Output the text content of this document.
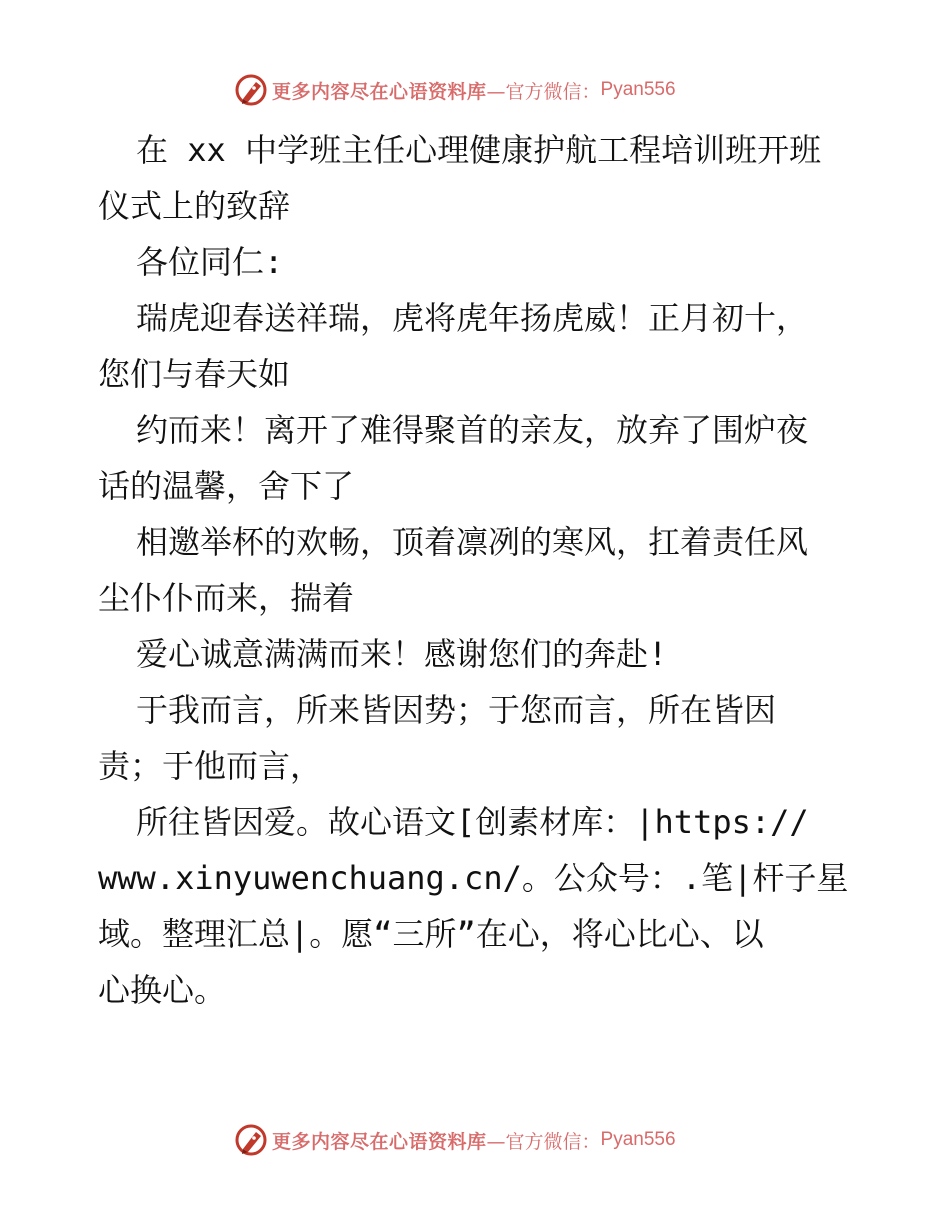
更多内容尽在心语资料库 —官方微信： Pyan556
在 xx 中学班主任心理健康护航工程培训班开班
仪式上的致辞
各位同仁:
瑞虎迎春送祥瑞，虎将虎年扬虎威！正月初十，
您们与春天如
约而来！离开了难得聚首的亲友，放弃了围炉夜
话的温馨，舍下了
相邀举杯的欢畅，顶着凛冽的寒风，扛着责任风
尘仆仆而来，揣着
爱心诚意满满而来！感谢您们的奔赴!
于我而言，所来皆因势；于您而言，所在皆因
责；于他而言，
所往皆因爱。故心语文[创素材库：|https://
www.xinyuwenchuang.cn/。公众号：.笔|杆子星
域。整理汇总|。愿“三所”在心，将心比心、以
心换心。
更多内容尽在心语资料库 —官方微信： Pyan556
